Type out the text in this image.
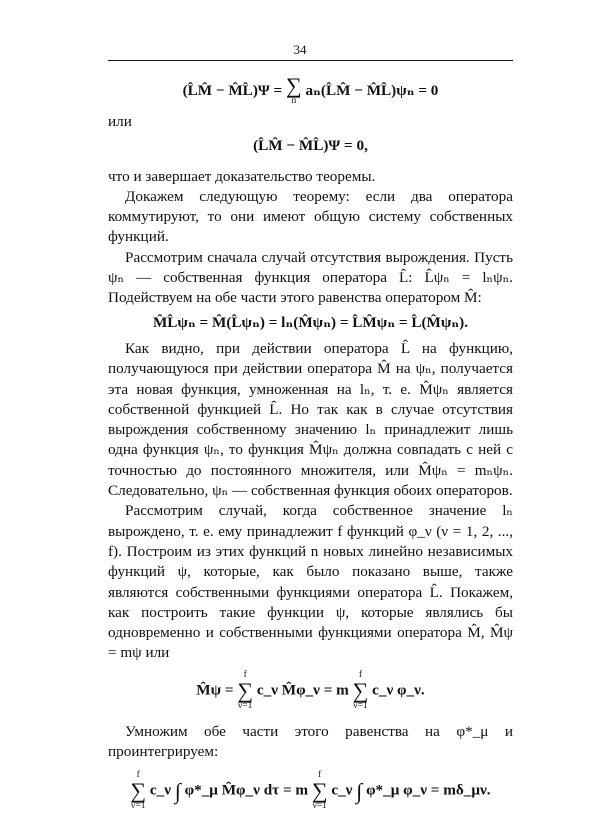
34
(L̂M̂ − M̂L̂)Ψ = ∑
n
aₙ(L̂M̂ − M̂L̂)ψₙ = 0

или

(L̂M̂ − M̂L̂)Ψ = 0,

что и завершает доказательство теоремы.

Докажем следующую теорему: если два оператора коммутируют, то они имеют общую систему собственных функций.

Рассмотрим сначала случай отсутствия вырождения. Пусть ψₙ — собственная функция оператора L̂: L̂ψₙ = lₙψₙ. Подействуем на обе части этого равенства оператором M̂:

M̂L̂ψₙ = M̂(L̂ψₙ) = lₙ(M̂ψₙ) = L̂M̂ψₙ = L̂(M̂ψₙ).

Как видно, при действии оператора L̂ на функцию, получающуюся при действии оператора M̂ на ψₙ, получается эта новая функция, умноженная на lₙ, т. е. M̂ψₙ является собственной функцией L̂. Но так как в случае отсутствия вырождения собственному значению lₙ принадлежит лишь одна функция ψₙ, то функция M̂ψₙ должна совпадать с ней с точностью до постоянного множителя, или M̂ψₙ = mₙψₙ. Следовательно, ψₙ — собственная функция обоих операторов.

Рассмотрим случай, когда собственное значение lₙ вырождено, т. е. ему принадлежит f функций φ_ν (ν = 1, 2, ..., f). Построим из этих функций n новых линейно независимых функций ψ, которые, как было показано выше, также являются собственными функциями оператора L̂. Покажем, как построить такие функции ψ, которые являлись бы одновременно и собственными функциями оператора M̂, M̂ψ = mψ или

M̂ψ =
f
∑
ν=1
c_ν M̂φ_ν = m
f
∑
ν=1
c_ν φ_ν.

Умножим обе части этого равенства на φ*_μ и проинтегрируем:

f
∑
ν=1
c_ν ∫ φ*_μ M̂φ_ν dτ = m
f
∑
ν=1
c_ν ∫ φ*_μ φ_ν = mδ_μν.
